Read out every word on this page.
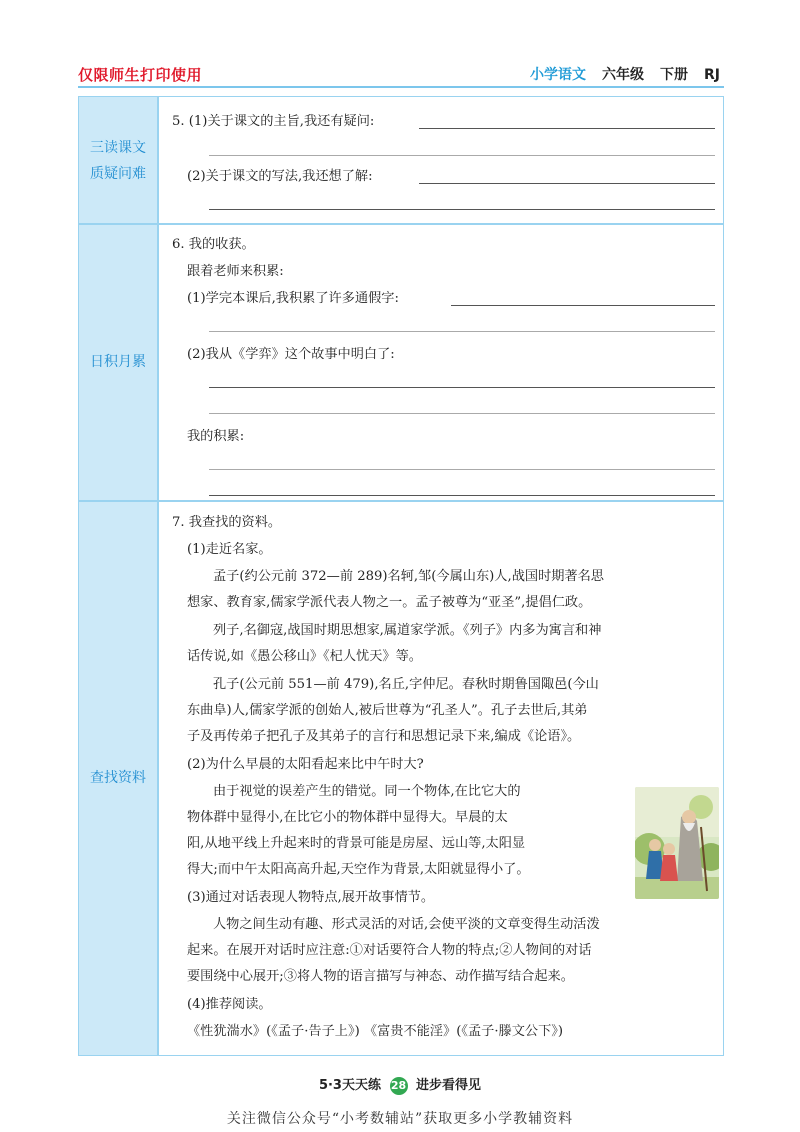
仅限师生打印使用	小学语文 六年级 下册 RJ
三读课文
质疑问难
日积月累
查找资料
5. (1)关于课文的主旨,我还有疑问:
(2)关于课文的写法,我还想了解:
6. 我的收获。
跟着老师来积累:
(1)学完本课后,我积累了许多通假字:
(2)我从《学弈》这个故事中明白了:
我的积累:
7. 我查找的资料。
(1)走近名家。
孟子(约公元前 372—前 289)名轲,邹(今属山东)人,战国时期著名思
想家、教育家,儒家学派代表人物之一。孟子被尊为“亚圣”,提倡仁政。
列子,名御寇,战国时期思想家,属道家学派。《列子》内多为寓言和神
话传说,如《愚公移山》《杞人忧天》等。
孔子(公元前 551—前 479),名丘,字仲尼。春秋时期鲁国陬邑(今山
东曲阜)人,儒家学派的创始人,被后世尊为“孔圣人”。孔子去世后,其弟
子及再传弟子把孔子及其弟子的言行和思想记录下来,编成《论语》。
(2)为什么早晨的太阳看起来比中午时大?
由于视觉的误差产生的错觉。同一个物体,在比它大的
物体群中显得小,在比它小的物体群中显得大。早晨的太
阳,从地平线上升起来时的背景可能是房屋、远山等,太阳显
得大;而中午太阳高高升起,天空作为背景,太阳就显得小了。
(3)通过对话表现人物特点,展开故事情节。
人物之间生动有趣、形式灵活的对话,会使平淡的文章变得生动活泼
起来。在展开对话时应注意:①对话要符合人物的特点;②人物间的对话
要围绕中心展开;③将人物的语言描写与神态、动作描写结合起来。
(4)推荐阅读。
《性犹湍水》(《孟子·告子上》) 《富贵不能淫》(《孟子·滕文公下》)
5·3天天练 28 进步看得见
关注微信公众号“小考数辅站”获取更多小学教辅资料
